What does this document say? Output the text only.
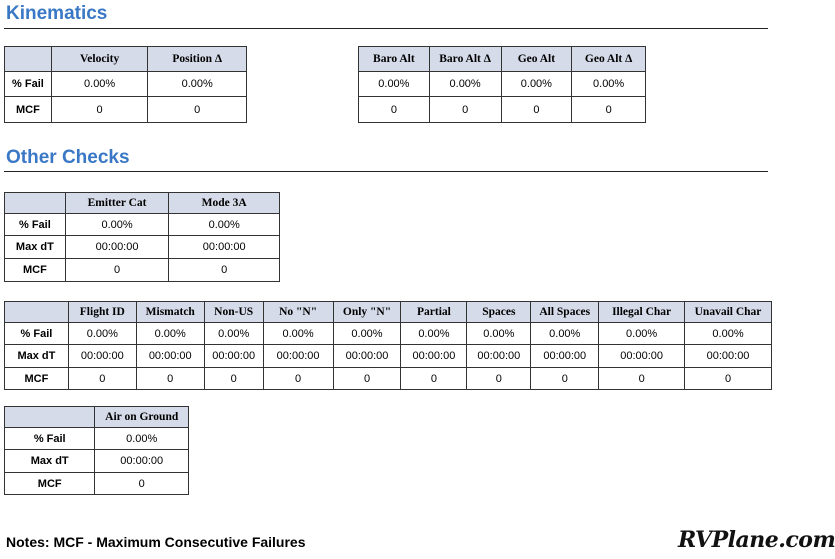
Kinematics
	Velocity	Position Δ
% Fail	0.00%	0.00%
MCF	0	0
Baro Alt	Baro Alt Δ	Geo Alt	Geo Alt Δ
0.00%	0.00%	0.00%	0.00%
0	0	0	0
Other Checks
	Emitter Cat	Mode 3A
% Fail	0.00%	0.00%
Max dT	00:00:00	00:00:00
MCF	0	0
	Flight ID	Mismatch	Non-US	No "N"	Only "N"	Partial	Spaces	All Spaces	Illegal Char	Unavail Char
% Fail	0.00%	0.00%	0.00%	0.00%	0.00%	0.00%	0.00%	0.00%	0.00%	0.00%
Max dT	00:00:00	00:00:00	00:00:00	00:00:00	00:00:00	00:00:00	00:00:00	00:00:00	00:00:00	00:00:00
MCF	0	0	0	0	0	0	0	0	0	0
	Air on Ground
% Fail	0.00%
Max dT	00:00:00
MCF	0
Notes: MCF - Maximum Consecutive Failures	RVPlane.com
